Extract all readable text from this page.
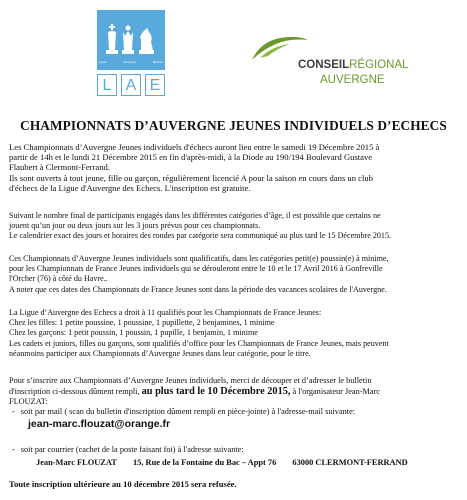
Ligue	Auvergne	Echecs
L A E
CONSEILRÉGIONAL
AUVERGNE
CHAMPIONNATS D’AUVERGNE JEUNES INDIVIDUELS D’ECHECS
Les Championnats d’Auvergne Jeunes individuels d'échecs auront lieu entre le samedi 19 Décembre 2015 à
partir de 14h et le lundi 21 Décembre 2015 en fin d'après-midi, à la Diode au 190/194 Boulevard Gustave
Flaubert à Clermont-Ferrand.
Ils sont ouverts à tout jeune, fille ou garçon, régulièrement licencié A pour la saison en cours dans un club
d'échecs de la Ligue d'Auvergne des Echecs. L'inscription est gratuite.
Suivant le nombre final de participants engagés dans les différentes catégories d’âge, il est possible que certains ne
jouent qu’un jour ou deux jours sur les 3 jours prévus pour ces championnats.
Le calendrier exact des jours et horaires des rondes par catégorie sera communiqué au plus tard le 15 Décembre 2015.
Ces Championnats d’Auvergne Jeunes individuels sont qualificatifs, dans les catégories petit(e) poussin(e) à minime,
pour les Championnats de France Jeunes individuels qui se dérouleront entre le 10 et le 17 Avril 2016 à Gonfreville
l'Orcher (76) à côté du Havre..
A noter que ces dates des Championnats de France Jeunes sont dans la période des vacances scolaires de l'Auvergne.
La Ligue d’Auvergne des Echecs a droit à 11 qualifiés pour les Championnats de France Jeunes:
Chez les filles: 1 petite poussine, 1 poussine, 1 pupillette, 2 benjamines, 1 minime
Chez les garçons: 1 petit poussin, 1 poussin, 1 pupille, 1 benjamin, 1 minime
Les cadets et juniors, filles ou garçons, sont qualifiés d’office pour les Championnats de France Jeunes, mais peuvent
néanmoins participer aux Championnats d’Auvergne Jeunes dans leur catégorie, pour le titre.
Pour s’inscrire aux Championnats d’Auvergne Jeunes individuels, merci de découper et d’adresser le bulletin
d'inscription ci-dessous dûment rempli, au plus tard le 10 Décembre 2015, à l'organisateur Jean-Marc
FLOUZAT:
- soit par mail ( scan du bulletin d'inscription dûment rempli en pièce-jointe) à l'adresse-mail suivante:
jean-marc.flouzat@orange.fr
- soit par courrier (cachet de la poste faisant foi) à l'adresse suivante:
Jean-Marc FLOUZAT 15, Rue de la Fontaine du Bac – Appt 76 63000 CLERMONT-FERRAND
Toute inscription ultérieure au 10 décembre 2015 sera refusée.
